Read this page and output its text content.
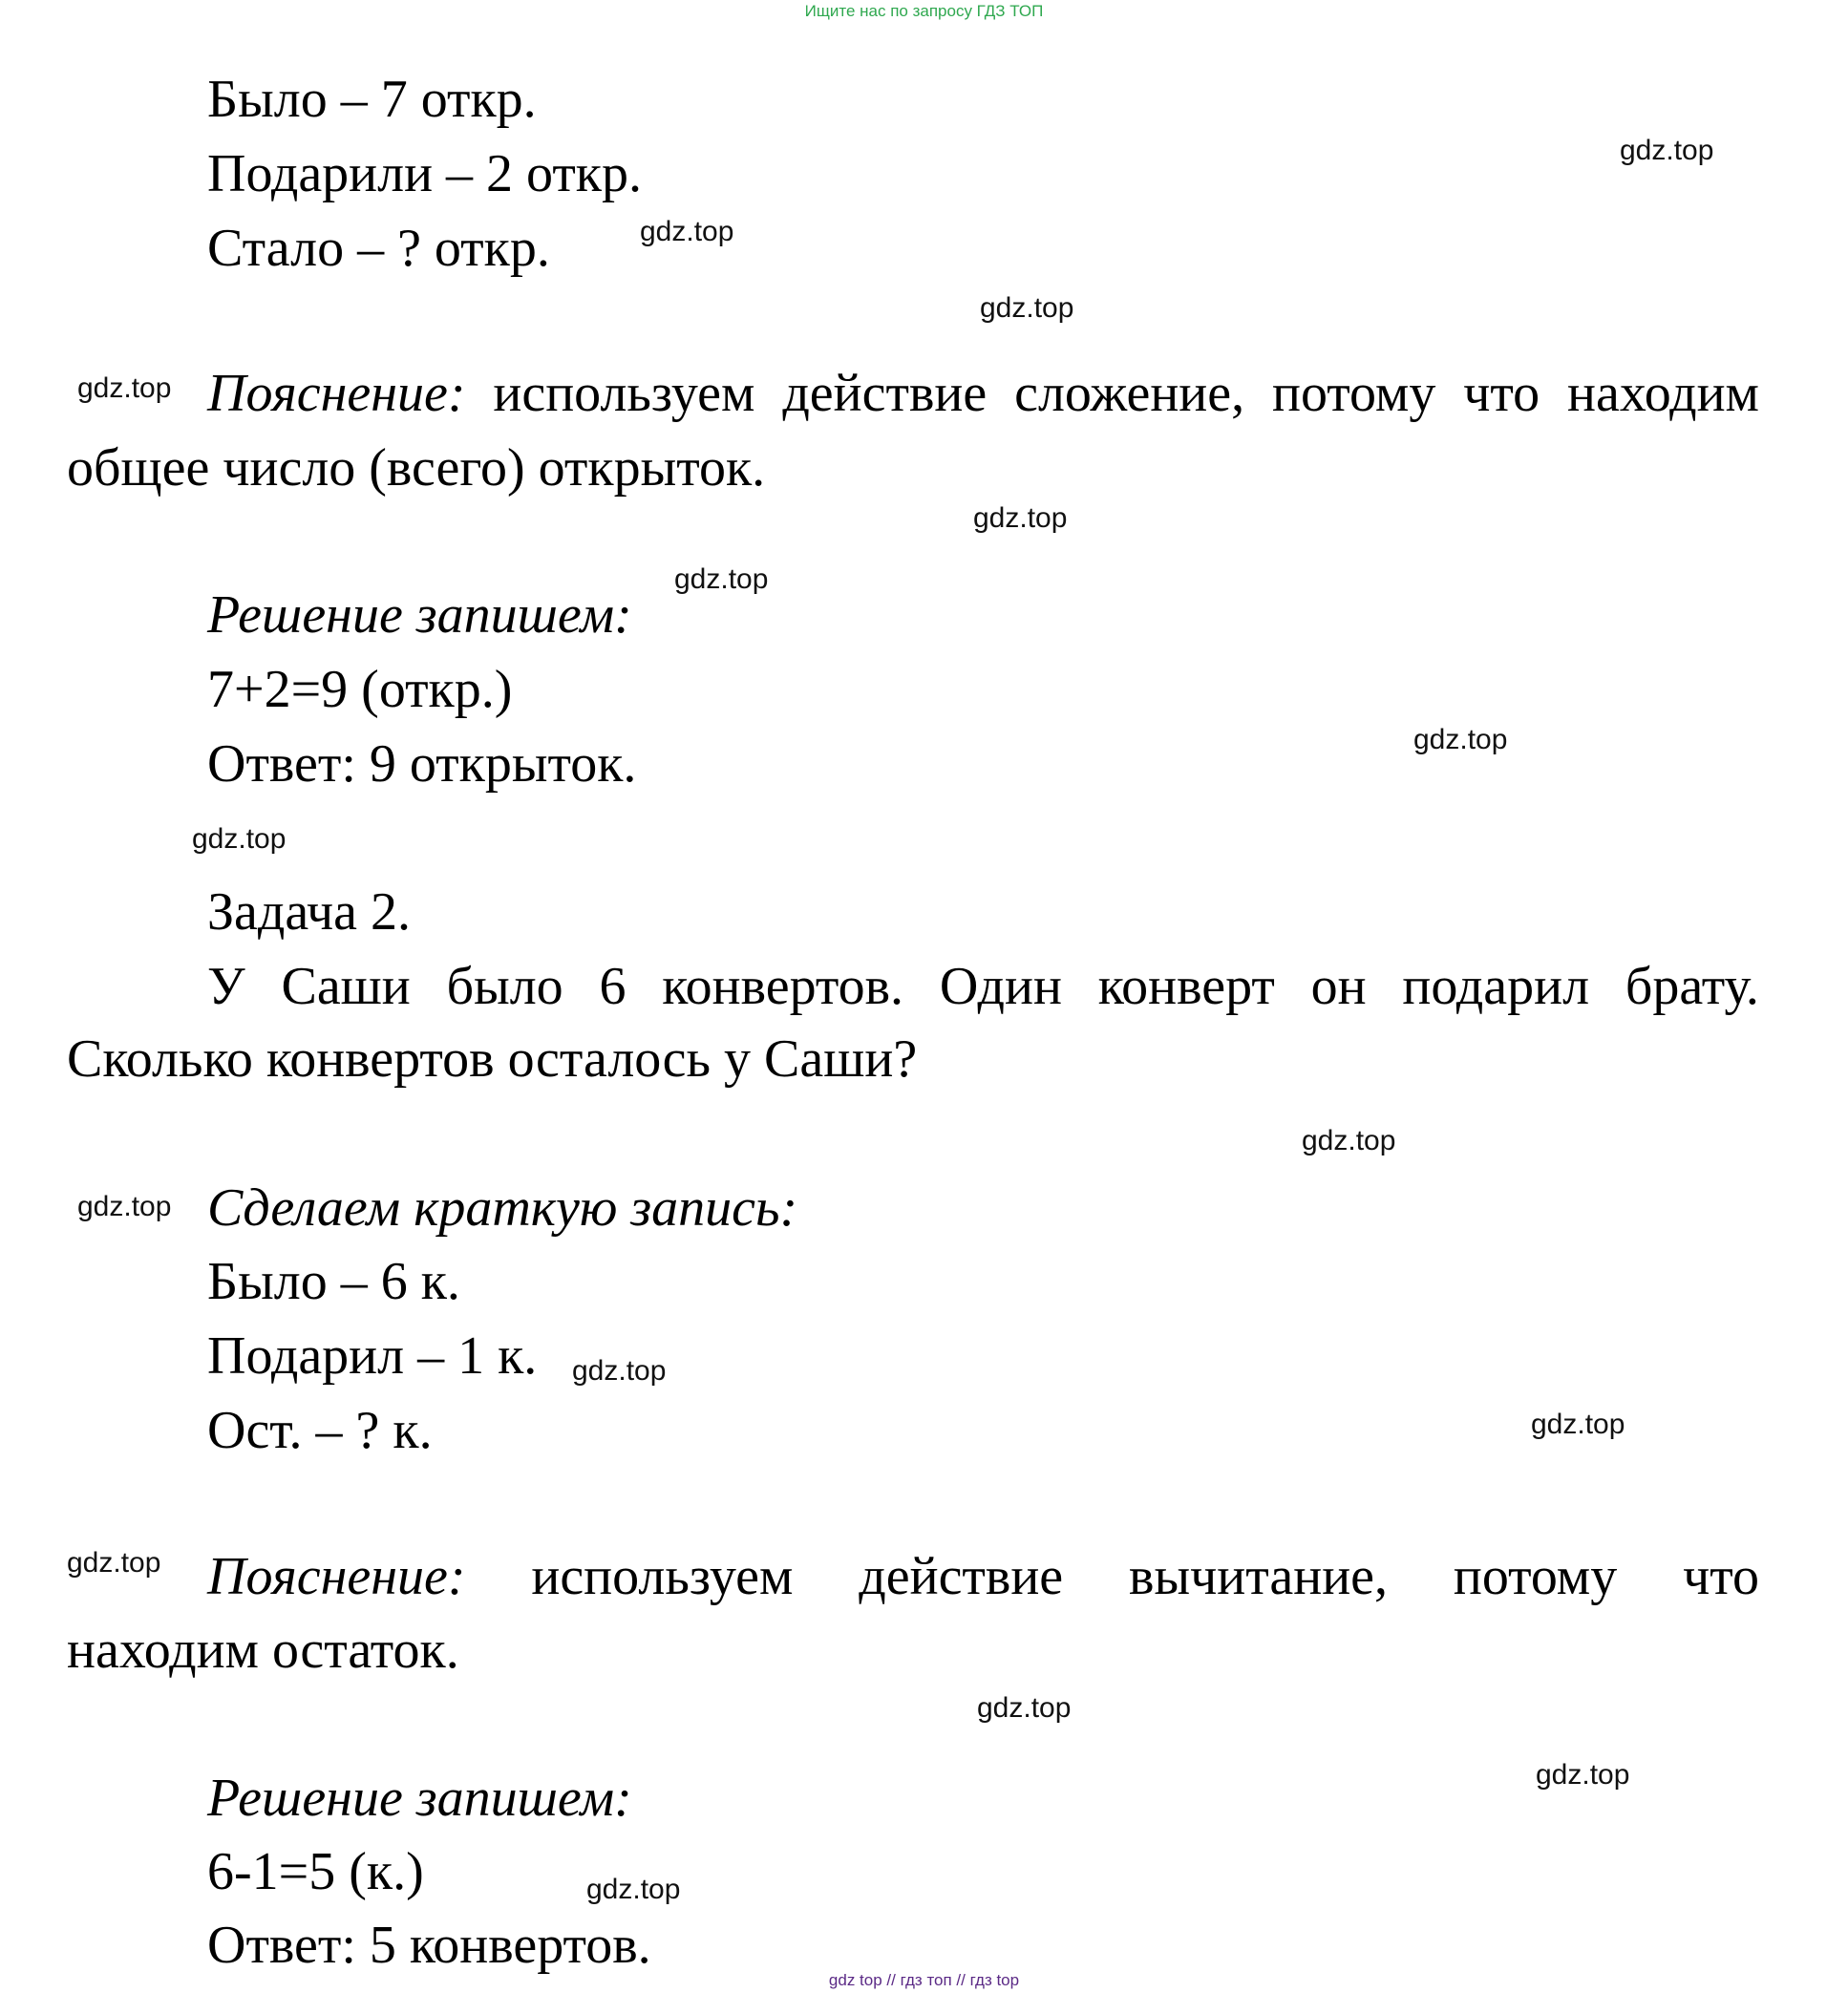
Ищите нас по запросу ГДЗ ТОП
Было – 7 откр.
Подарили – 2 откр.
Стало – ? откр.
Пояснение: используем действие сложение, потому что находим
общее число (всего) открыток.
Решение запишем:
7+2=9 (откр.)
Ответ: 9 открыток.
Задача 2.
У Саши было 6 конвертов. Один конверт он подарил брату.
Сколько конвертов осталось у Саши?
Сделаем краткую запись:
Было – 6 к.
Подарил – 1 к.
Ост. – ? к.
Пояснение: используем действие вычитание, потому что
находим остаток.
Решение запишем:
6-1=5 (к.)
Ответ: 5 конвертов.
gdz.top
gdz.top
gdz.top
gdz.top
gdz.top
gdz.top
gdz.top
gdz.top
gdz.top
gdz.top
gdz.top
gdz.top
gdz.top
gdz.top
gdz.top
gdz.top
gdz top // гдз топ // гдз top
